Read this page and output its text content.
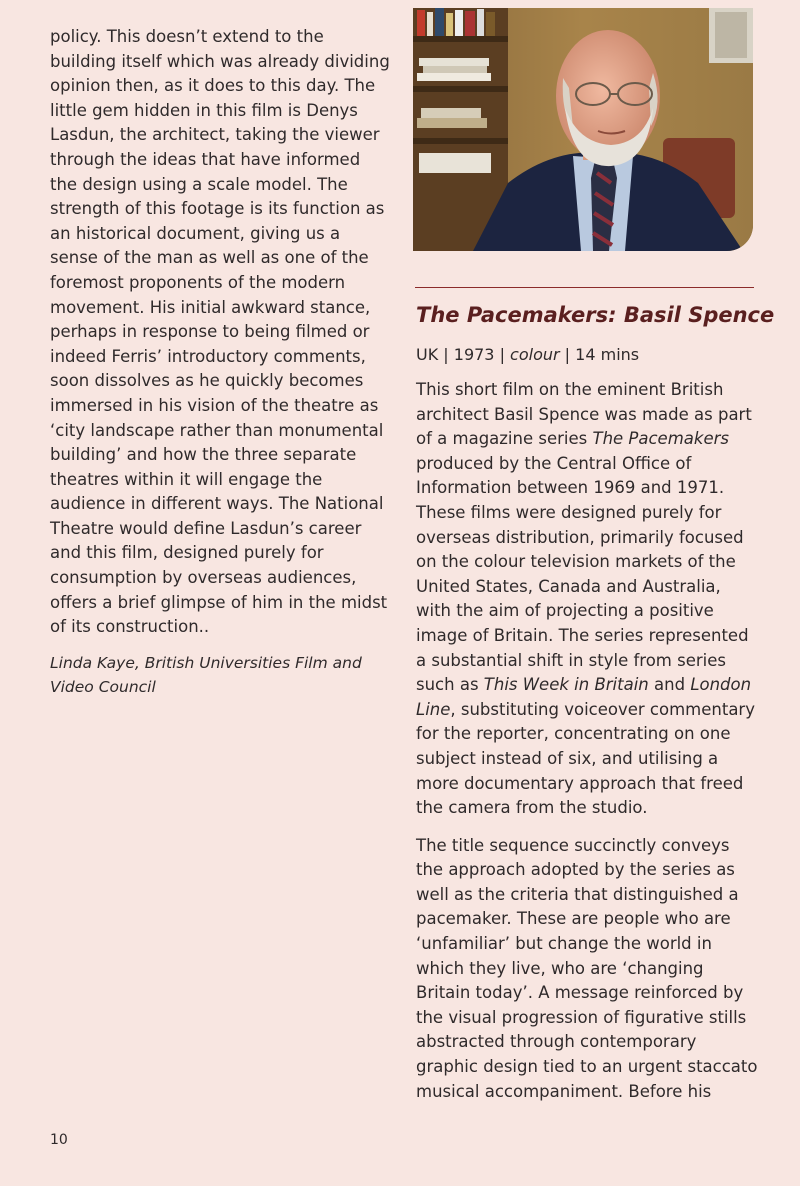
policy. This doesn’t extend to the building itself which was already dividing opinion then, as it does to this day. The little gem hidden in this film is Denys Lasdun, the architect, taking the viewer through the ideas that have informed the design using a scale model. The strength of this footage is its function as an historical document, giving us a sense of the man as well as one of the foremost proponents of the modern movement. His initial awkward stance, perhaps in response to being filmed or indeed Ferris’ introductory comments, soon dissolves as he quickly becomes immersed in his vision of the theatre as ‘city landscape rather than monumental building’ and how the three separate theatres within it will engage the audience in different ways. The National Theatre would define Lasdun’s career and this film, designed purely for consumption by overseas audiences, offers a brief glimpse of him in the midst of its construction..

Linda Kaye, British Universities Film and Video Council
The Pacemakers: Basil Spence
UK | 1973 | colour | 14 mins

This short film on the eminent British architect Basil Spence was made as part of a magazine series The Pacemakers produced by the Central Office of Information between 1969 and 1971. These films were designed purely for overseas distribution, primarily focused on the colour television markets of the United States, Canada and Australia, with the aim of projecting a positive image of Britain. The series represented a substantial shift in style from series such as This Week in Britain and London Line, substituting voiceover commentary for the reporter, concentrating on one subject instead of six, and utilising a more documentary approach that freed the camera from the studio.

The title sequence succinctly conveys the approach adopted by the series as well as the criteria that distinguished a pacemaker. These are people who are ‘unfamiliar’ but change the world in which they live, who are ‘changing Britain today’. A message reinforced by the visual progression of figurative stills abstracted through contemporary graphic design tied to an urgent staccato musical accompaniment. Before his

10
